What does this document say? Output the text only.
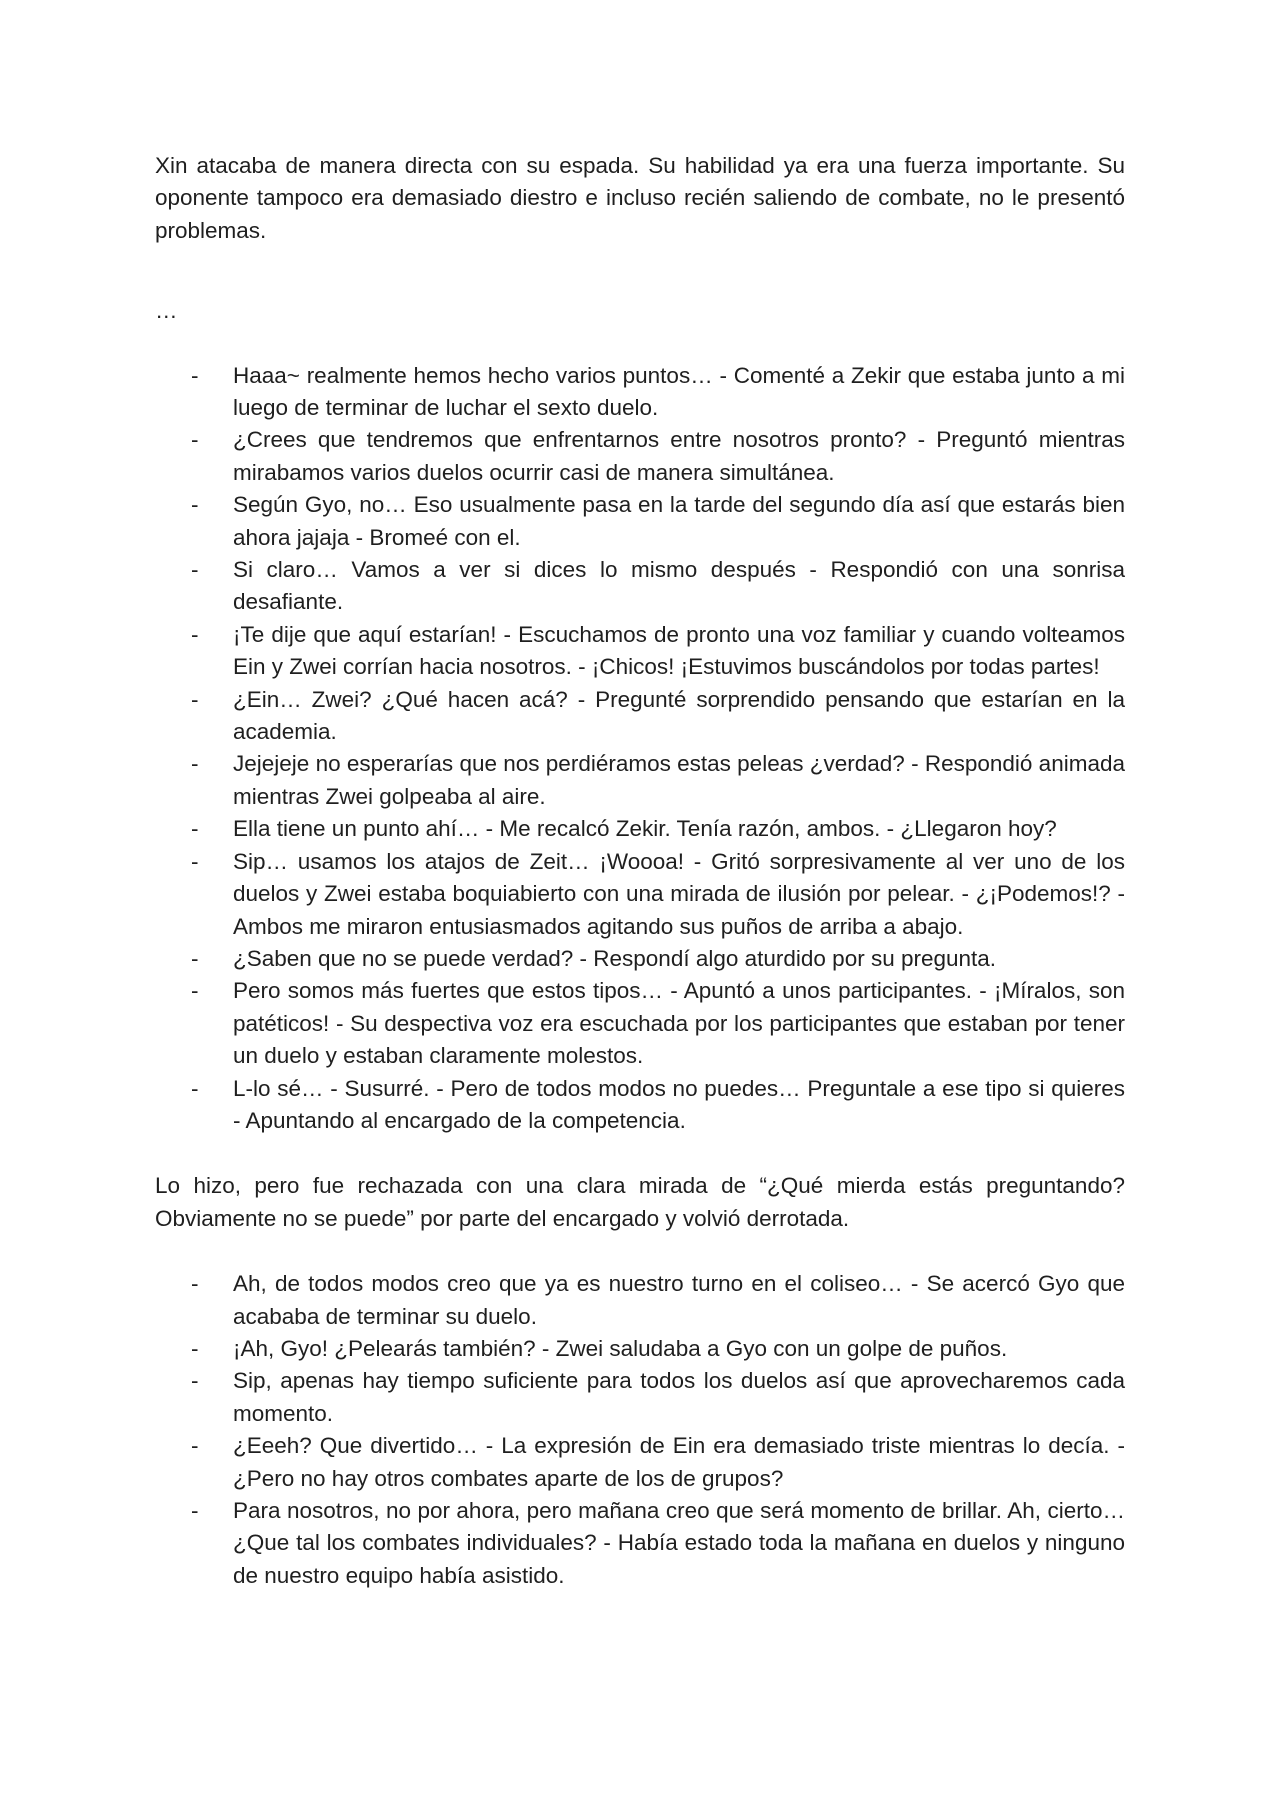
Xin atacaba de manera directa con su espada. Su habilidad ya era una fuerza importante. Su oponente tampoco era demasiado diestro e incluso recién saliendo de combate, no le presentó problemas.

…

- Haaa~ realmente hemos hecho varios puntos… - Comenté a Zekir que estaba junto a mi luego de terminar de luchar el sexto duelo.
- ¿Crees que tendremos que enfrentarnos entre nosotros pronto? - Preguntó mientras mirabamos varios duelos ocurrir casi de manera simultánea.
- Según Gyo, no… Eso usualmente pasa en la tarde del segundo día así que estarás bien ahora jajaja - Bromeé con el.
- Si claro… Vamos a ver si dices lo mismo después - Respondió con una sonrisa desafiante.
- ¡Te dije que aquí estarían! - Escuchamos de pronto una voz familiar y cuando volteamos Ein y Zwei corrían hacia nosotros. - ¡Chicos! ¡Estuvimos buscándolos por todas partes!
- ¿Ein… Zwei? ¿Qué hacen acá? - Pregunté sorprendido pensando que estarían en la academia.
- Jejejeje no esperarías que nos perdiéramos estas peleas ¿verdad? - Respondió animada mientras Zwei golpeaba al aire.
- Ella tiene un punto ahí… - Me recalcó Zekir. Tenía razón, ambos. - ¿Llegaron hoy?
- Sip… usamos los atajos de Zeit… ¡Woooa! - Gritó sorpresivamente al ver uno de los duelos y Zwei estaba boquiabierto con una mirada de ilusión por pelear. - ¿¡Podemos!? - Ambos me miraron entusiasmados agitando sus puños de arriba a abajo.
- ¿Saben que no se puede verdad? - Respondí algo aturdido por su pregunta.
- Pero somos más fuertes que estos tipos… - Apuntó a unos participantes. - ¡Míralos, son patéticos! - Su despectiva voz era escuchada por los participantes que estaban por tener un duelo y estaban claramente molestos.
- L-lo sé… - Susurré. - Pero de todos modos no puedes… Preguntale a ese tipo si quieres - Apuntando al encargado de la competencia.

Lo hizo, pero fue rechazada con una clara mirada de “¿Qué mierda estás preguntando? Obviamente no se puede” por parte del encargado y volvió derrotada.

- Ah, de todos modos creo que ya es nuestro turno en el coliseo… - Se acercó Gyo que acababa de terminar su duelo.
- ¡Ah, Gyo! ¿Pelearás también? - Zwei saludaba a Gyo con un golpe de puños.
- Sip, apenas hay tiempo suficiente para todos los duelos así que aprovecharemos cada momento.
- ¿Eeeh? Que divertido… - La expresión de Ein era demasiado triste mientras lo decía. - ¿Pero no hay otros combates aparte de los de grupos?
- Para nosotros, no por ahora, pero mañana creo que será momento de brillar. Ah, cierto… ¿Que tal los combates individuales? - Había estado toda la mañana en duelos y ninguno de nuestro equipo había asistido.
